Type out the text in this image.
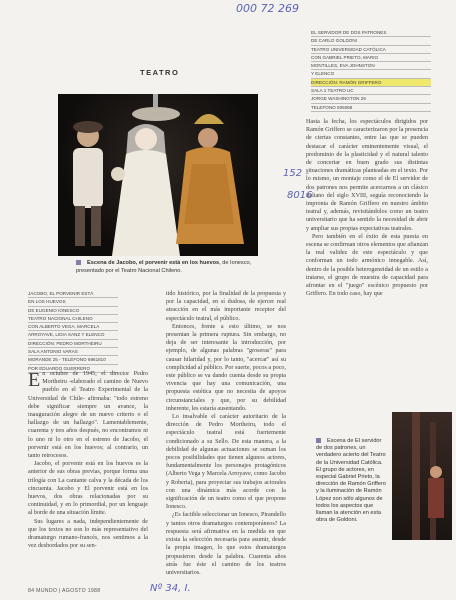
000 72 269
152 -
8016
TEATRO
EL SERVIDOR DE DOS PATRONES
DE CARLO GOLDONI
TEATRO UNIVERSIDAD CATÓLICA
CON GABRIEL PRIETO, MARIO
MONTILLES, EVA JOHNSTON
Y ELENCO
DIRECCIÓN: RAMÓN GRIFFERO
SALA 1 TEATRO UC
JORGE WASHINGTON 26
TELEFONO 606066
Escena de Jacobo, el porvenir está en los huevos, de Ionesco, presentado por el Teatro Nacional Chileno.
JACOBO, EL PORVENIR ESTÁ
EN LOS HUEVOS
DE EUGENIO IONESCO
TEATRO NACIONAL CHILENO
CON ALBERTO VEGA, MARCELA
ARROYAVE, LIDIA SANZ Y ELENCO
DIRECCIÓN: PEDRO MORTHEIRU
SALA ANTONIO VARAS
MORANDE 25 - TELÉFONO 6961810
POR EDUARDO GUERRERO
E n octubre de 1945, el director Pedro Mortheiru -elaborado el camino de Nuevo pueblo en el Teatro Experimental de la Universidad de Chile- afirmaba: "todo estreno debe significar siempre un avance, la inauguración alegre de un nuevo criterio o el hallazgo de un hallazgo". Lamentablemente, cuarenta y tres años después, no encontramos ni lo uno ni lo otro en el estreno de Jacobo, el porvenir está en los huevos; al contrario, un tanto retrocesos.

Jacobo, el porvenir está en los huevos es la anterior de sus obras previas, porque forma una trilogía con La cantante calva y la década de los cincuenta. Jacobo y El porvenir está en los huevos, dos obras relacionadas por su continuidad, y en lo primordial, por un lenguaje al borde de una situación límite.

Sus lugares a nada, independientemente de que los textos no son lo más representativo del dramaturgo rumano-francés, nos sentimos a la vez desbordados por su sen-

tido histórico, por la finalidad de la propuesta y por la capacidad, en sí dudosa, de ejercer real atracción en el más importante receptor del espectáculo teatral, el público.

Entonces, frente a esto último, se nos presentan la primera ruptura. Sin embargo, no deja de ser interesante la introducción, por ejemplo, de algunas palabras "groseras" para causar hilaridad y, por lo tanto, "acercar" así su complicidad al público. Por suerte, pocos a poco, este público se va dando cuenta desde su propia vivencia que hay una comunicación, una propuesta estética que no necesita de apoyos circunstanciales y que, por su debilidad inherente, les estaría ausentando.

Lo insalvable el carácter autoritario de la dirección de Pedro Mortheiru, todo el espectáculo teatral está fuertemente condicionado a su Sello. De esta manera, a la debilidad de algunas actuaciones se suman los pocos posibilidades que tienen algunos actores, fundamentalmente los personajes protagónicos (Alberto Vega y Marcela Arroyave, como Jacobo y Roberta), para proyectar sus trabajos actorales con una dinámica más acorde con la significación de un teatro como el que propone Ionesco.

¿Es factible seleccionar un Ionesco, Pirandello y tantos otros dramaturgos contemporáneos? La respuesta será afirmativa en la medida en que exista la selección necesaria para asumir, desde la propia imagen, lo que estos dramaturgos propusieron desde la palabra. Cuarenta años atrás fue éste el camino de los teatros universitarios.

Hasta la fecha, los espectáculos dirigidos por Ramón Griffero se caracterizaron por la presencia de ciertas constantes, entre las que se pueden destacar el carácter eminentemente visual, el predominio de la plasticidad y el natural talento de concertar en buen grado sus distintas situaciones dramáticas planteadas en el texto. Por lo mismo, un montaje como el de El servidor de dos patrones nos permite acercarnos a un clásico italiano del siglo XVIII, seguía reconociendo la impronta de Ramón Griffero en nuestro ámbito teatral y, además, revisitándolos como un teatro universitario que ha sentido la necesidad de abrir y ampliar sus propias expectativas teatrales.

Pero también en el éxito de esta puesta en escena se confirman otros elementos que afianzan la real validez de este espectáculo y que conforman un todo armónico innegable. Así, dentro de la posible heterogeneidad de un estilo a tratarse, el grupo de muestra de capacidad para afrontar en el "juego" escénico propuesto por Griffero. En todo caso, hay que

Escena de El servidor de dos patrones, un verdadero acierto del Teatro de la Universidad Católica. El grupo de actores, en especial Gabriel Prieto, la dirección de Ramón Griffero y la iluminación de Ramón López son sólo algunos de todos los aspectos que llaman la atención en esta obra de Goldoni.
84 MUNDO | AGOSTO 1988	Nº 34, I.
